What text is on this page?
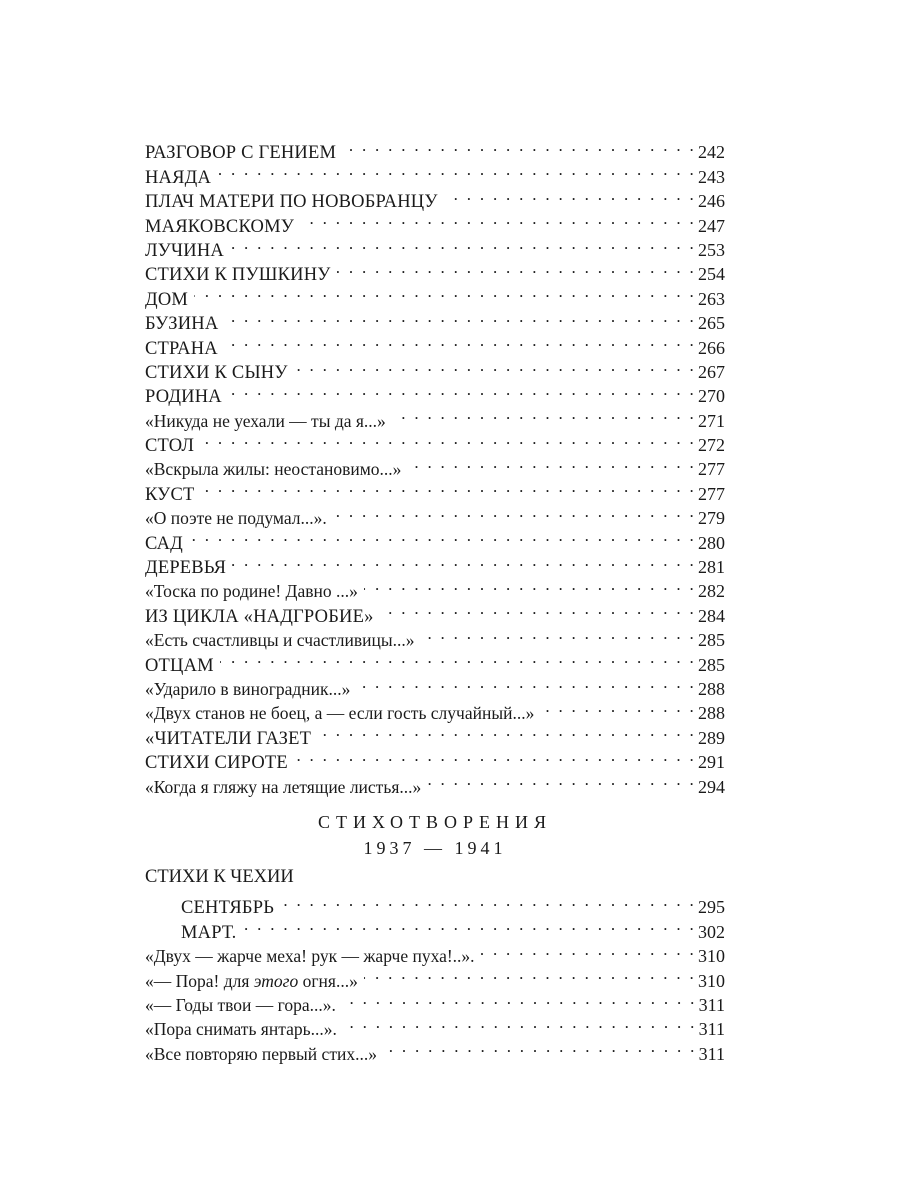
РАЗГОВОР С ГЕНИЕМ . . .	242
НАЯДА . . .	243
ПЛАЧ МАТЕРИ ПО НОВОБРАНЦУ . . .	246
МАЯКОВСКОМУ . . .	247
ЛУЧИНА . . .	253
СТИХИ К ПУШКИНУ . . .	254
ДОМ . . .	263
БУЗИНА . . .	265
СТРАНА . . .	266
СТИХИ К СЫНУ . . .	267
РОДИНА . . .	270
«Никуда не уехали — ты да я...» . . .	271
СТОЛ . . .	272
«Вскрыла жилы: неостановимо...» . . .	277
КУСТ . . .	277
«О поэте не подумал...». . . .	279
САД . . .	280
ДЕРЕВЬЯ . . .	281
«Тоска по родине! Давно ...» . . .	282
ИЗ ЦИКЛА «НАДГРОБИЕ» . . .	284
«Есть счастливцы и счастливицы...» . . .	285
ОТЦАМ . . .	285
«Ударило в виноградник...» . . .	288
«Двух станов не боец, а — если гость случайный...» . . .	288
«ЧИТАТЕЛИ ГАЗЕТ . . .	289
СТИХИ СИРОТЕ . . .	291
«Когда я гляжу на летящие листья...» . . .	294
СТИХОТВОРЕНИЯ
1937 — 1941
СТИХИ К ЧЕХИИ
СЕНТЯБРЬ . . .	295
МАРТ. . . .	302
«Двух — жарче меха! рук — жарче пуха!..». . . .	310
«— Пора! для этого огня...» . . .	310
«— Годы твои — гора...». . . .	311
«Пора снимать янтарь...». . . .	311
«Все повторяю первый стих...» . . .	311
